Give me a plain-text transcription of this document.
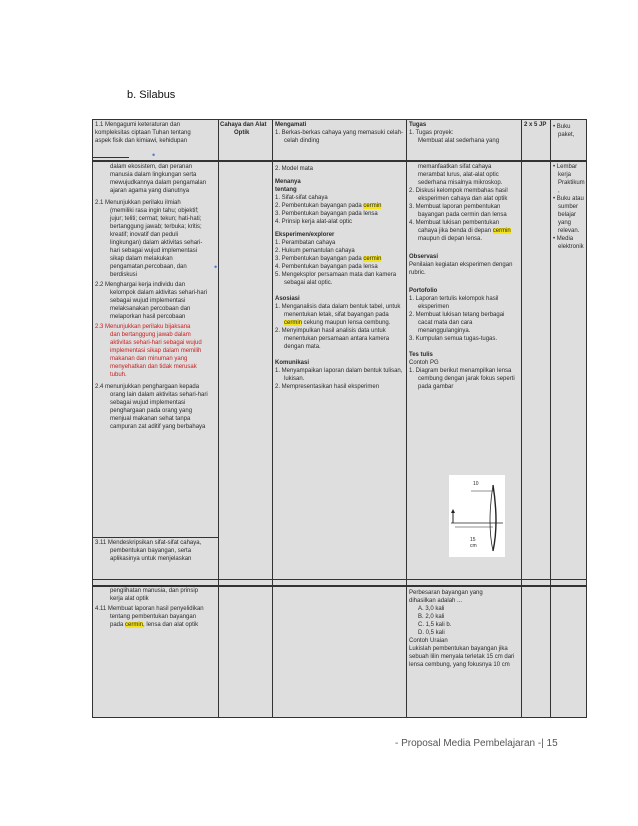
b. Silabus
1.1 Mengagumi keteraturan dan
kompleksitas ciptaan Tuhan tentang
aspek fisik dan kimiawi, kehidupan
dalam ekosistem, dan peranan
manusia dalam lingkungan serta
mewujudkannya dalam pengamalan
ajaran agama yang dianutnya
2.1 Menunjukkan perilaku ilmiah
(memiliki rasa ingin tahu; objektif;
jujur; teliti; cermat; tekun; hati-hati;
bertanggung jawab; terbuka; kritis;
kreatif; inovatif dan peduli
lingkungan) dalam aktivitas sehari-
hari sebagai wujud implementasi
sikap dalam melakukan
pengamatan,percobaan, dan
berdiskusi
2.2 Menghargai kerja individu dan
kelompok dalam aktivitas sehari-hari
sebagai wujud implementasi
melaksanakan percobaan dan
melaporkan hasil percobaan
2.3 Menunjukkan perilaku bijaksana
dan bertanggung jawab dalam
aktivitas sehari-hari sebagai wujud
implementasi sikap dalam memilih
makanan dan minuman yang
menyehatkan dan tidak merusak
tubuh.
2.4 menunjukkan penghargaan kepada
orang lain dalam aktivitas sehari-hari
sebagai wujud implementasi
penghargaan pada orang yang
menjual makanan sehat tanpa
campuran zat aditif yang berbahaya
3.11 Mendeskripsikan sifat-sifat cahaya,
pembentukan bayangan, serta
aplikasinya untuk menjelaskan
penglihatan manusia, dan prinsip
kerja alat optik
4.11 Membuat laporan hasil penyelidikan
tentang pembentukan bayangan
pada cermin, lensa dan alat optik
Cahaya dan Alat
Optik
•
•
Mengamati
1. Berkas-berkas cahaya yang memasuki celah-
celah dinding
2. Model mata
Menanya
tentang
1. Sifat-sifat cahaya
2. Pembentukan bayangan pada cermin
3. Pembentukan bayangan pada lensa
4. Prinsip kerja alat-alat optic
Eksperimen/explorer
1. Perambatan cahaya
2. Hukum pemantulan cahaya
3. Pembentukan bayangan pada cermin
4. Pembentukan bayangan pada lensa
5. Mengeksplor persamaan mata dan kamera
sebagai alat optic.
Asosiasi
1. Menganalisis data dalam bentuk tabel, untuk
menentukan letak, sifat bayangan pada
cermin cekung maupun lensa cembung.
2. Menyimpulkan hasil analisis data untuk
menentukan persamaan antara kamera
dengan mata.
Komunikasi
1. Menyampaikan laporan dalam bentuk tulisan,
lukisan.
2. Mempresentasikan hasil eksperimen
Tugas
1. Tugas proyek:
Membuat alat sederhana yang
memanfaatkan sifat cahaya
merambat lurus, alat-alat optic
sederhana misalnya mikroskop.
2. Diskusi kelompok membahas hasil
eksperimen cahaya dan alat optik
3. Membuat laporan pembentukan
bayangan pada cermin dan lensa
4. Membuat lukisan pembentukan
cahaya jika benda di depan cermin
maupun di depan lensa.
Observasi
Penilaian kegiatan eksperimen dengan
rubric.
Portofolio
1. Laporan tertulis kelompok hasil
eksperimen
2. Membuat lukisan tetang berbagai
cacat mata dan cara
menanggulanginya.
3. Kumpulan semua tugas-tugas.
Tes tulis
Contoh PG
1. Diagram berikut menampilkan lensa
cembung dengan jarak fokus seperti
pada gambar
10
15
cm
Perbesaran bayangan yang
dihasilkan adalah ...
A. 3,0 kali
B. 2,0 kali
C. 1,5 kali b.
D. 0,5 kali
Contoh Uraian
Lukislah pembentukan bayangan jika
sebuah lilin menyala terletak 15 cm dari
lensa cembung, yang fokusnya 10 cm
2 x 5 JP	• Buku
paket,
• Lembar
kerja
Praktikum
,
• Buku atau
sumber
belajar
yang
relevan.
• Media
elektronik
- Proposal Media Pembelajaran -| 15
